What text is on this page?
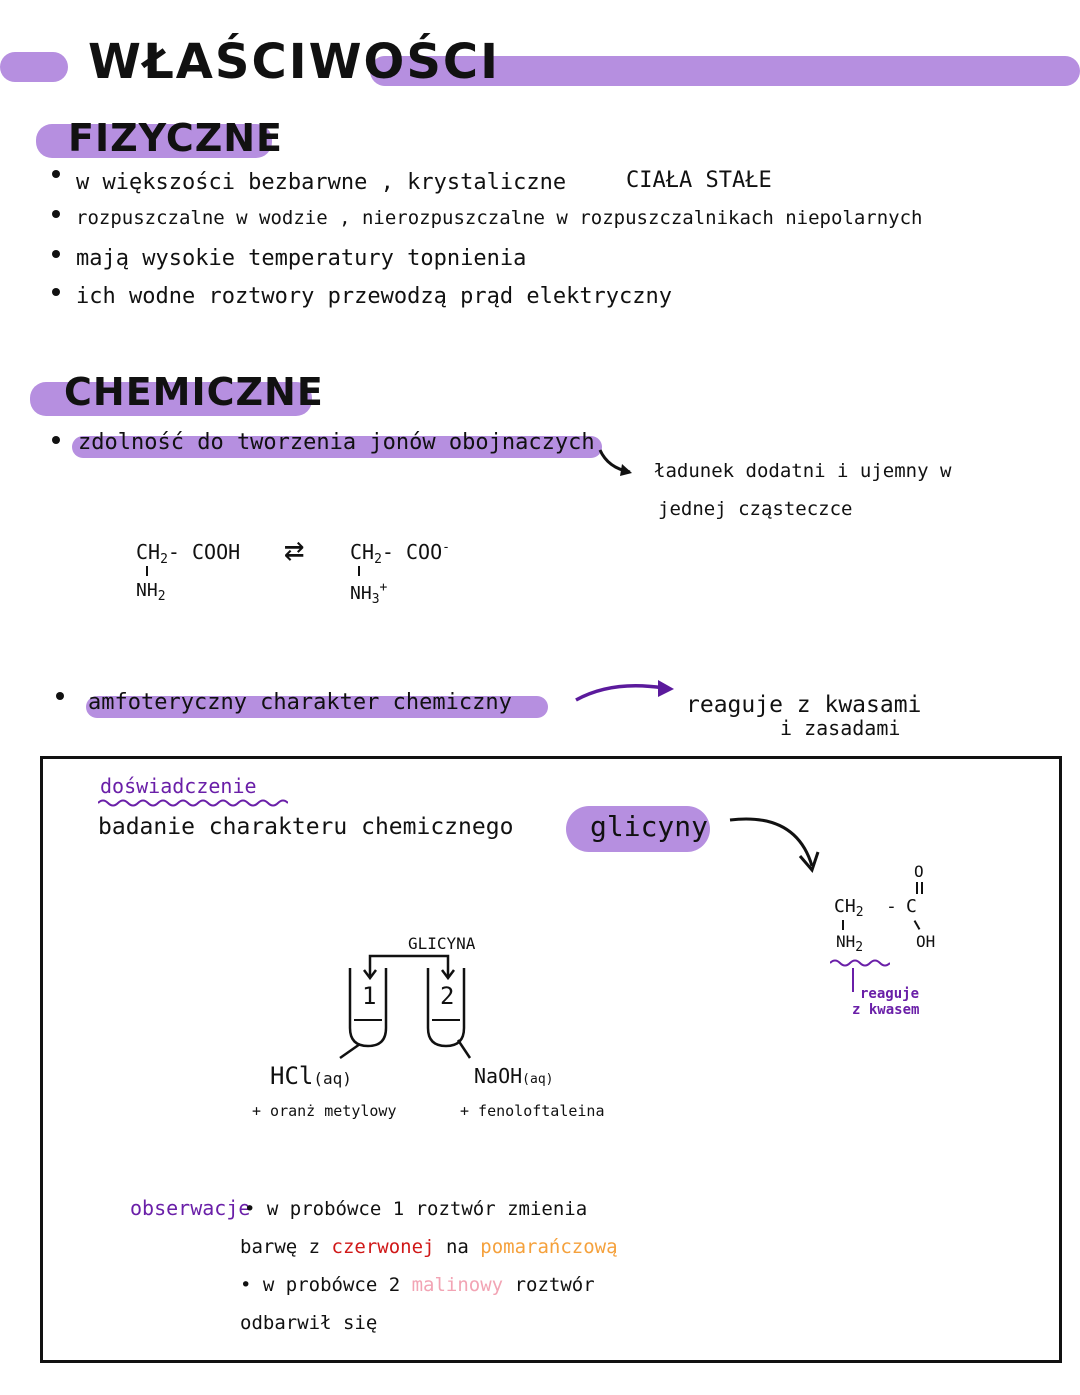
WŁAŚCIWOŚCI
FIZYCZNE
w większości bezbarwne , krystaliczne	CIAŁA STAŁE
rozpuszczalne w wodzie , nierozpuszczalne w rozpuszczalnikach niepolarnych
mają wysokie temperatury topnienia
ich wodne roztwory przewodzą prąd elektryczny
CHEMICZNE
zdolność do tworzenia jonów obojnaczych
ładunek dodatni i ujemny w
jednej cząsteczce
$CH_2-$ COOH
$NH_2$
⇄ $CH_2-$ COO-
$NH_3^+$
amfoteryczny charakter chemiczny	reaguje z kwasami
i zasadami
doświadczenie
badanie charakteru chemicznego	glicyny
O
$CH_2$ - C
$NH_2$	OH
reaguje
z kwasem
GLICYNA
1	2
HCl(aq)
+ oranż metylowy
NaOH(aq)
+ fenoloftaleina
obserwacje
• w probówce 1 roztwór zmienia
barwę z czerwonej na pomarańczową
• w probówce 2 malinowy roztwór
odbarwił się
